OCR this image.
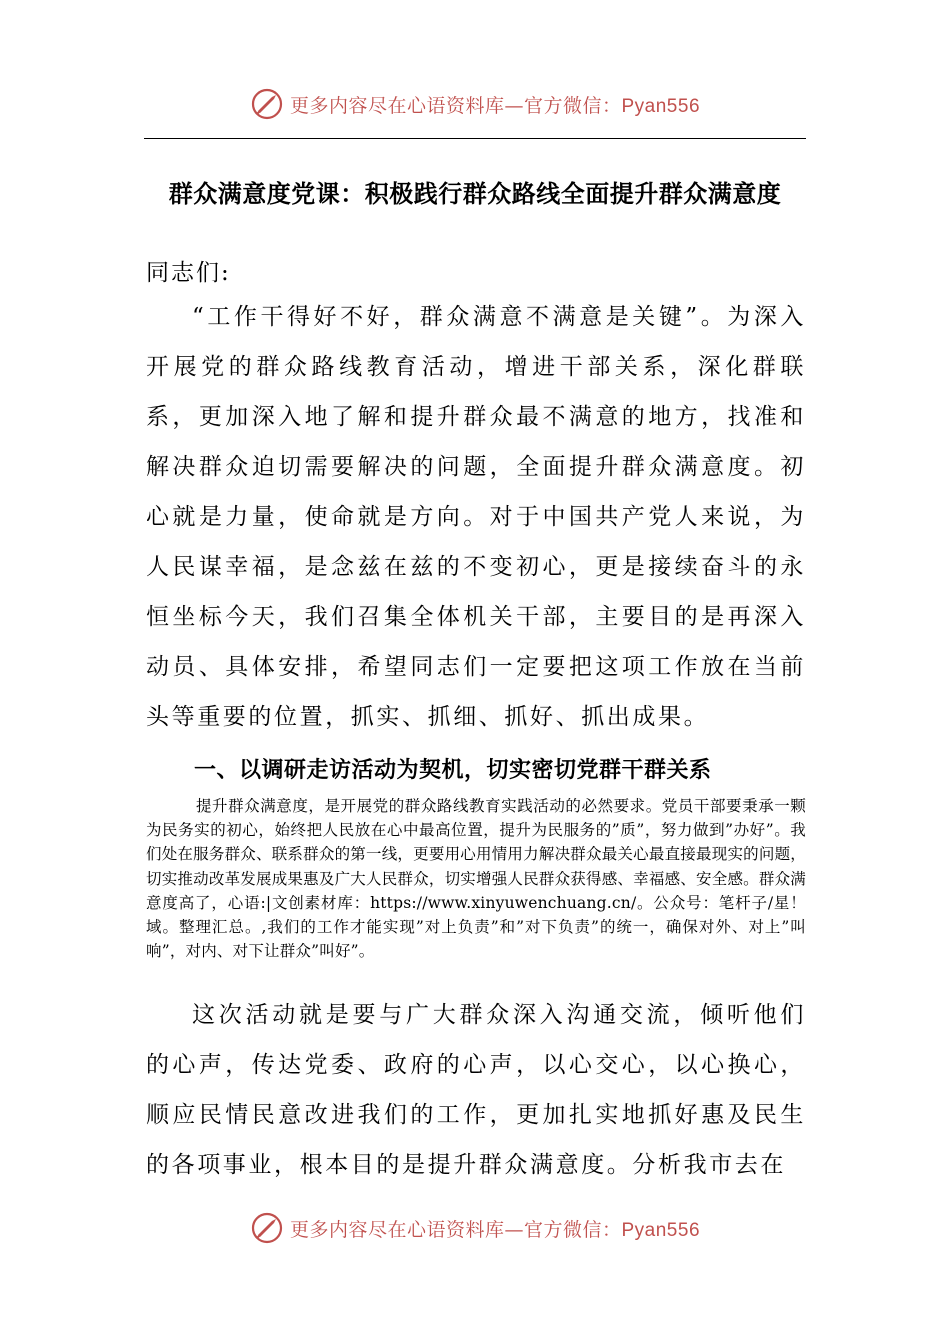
更多内容尽在心语资料库—官方微信：Pyan556
群众满意度党课：积极践行群众路线全面提升群众满意度

同志们:

“工作干得好不好，群众满意不满意是关键”。为深入开展党的群众路线教育活动，增进干部关系，深化群联系，更加深入地了解和提升群众最不满意的地方，找准和解决群众迫切需要解决的问题，全面提升群众满意度。初心就是力量，使命就是方向。对于中国共产党人来说，为人民谋幸福，是念兹在兹的不变初心，更是接续奋斗的永恒坐标今天，我们召集全体机关干部，主要目的是再深入动员、具体安排，希望同志们一定要把这项工作放在当前头等重要的位置，抓实、抓细、抓好、抓出成果。

一、以调研走访活动为契机，切实密切党群干群关系

提升群众满意度，是开展党的群众路线教育实践活动的必然要求。党员干部要秉承一颗为民务实的初心，始终把人民放在心中最高位置，提升为民服务的”质”，努力做到”办好”。我们处在服务群众、联系群众的第一线，更要用心用情用力解决群众最关心最直接最现实的问题，切实推动改革发展成果惠及广大人民群众，切实增强人民群众获得感、幸福感、安全感。群众满意度高了，心语:|文创素材库：https://www.xinyuwenchuang.cn/。公众号：笔杆子/星！域。整理汇总。,我们的工作才能实现”对上负责”和”对下负责”的统一，确保对外、对上”叫响”，对内、对下让群众”叫好”。

这次活动就是要与广大群众深入沟通交流，倾听他们的心声，传达党委、政府的心声，以心交心，以心换心，顺应民情民意改进我们的工作，更加扎实地抓好惠及民生的各项事业，根本目的是提升群众满意度。分析我市去在

更多内容尽在心语资料库—官方微信：Pyan556
